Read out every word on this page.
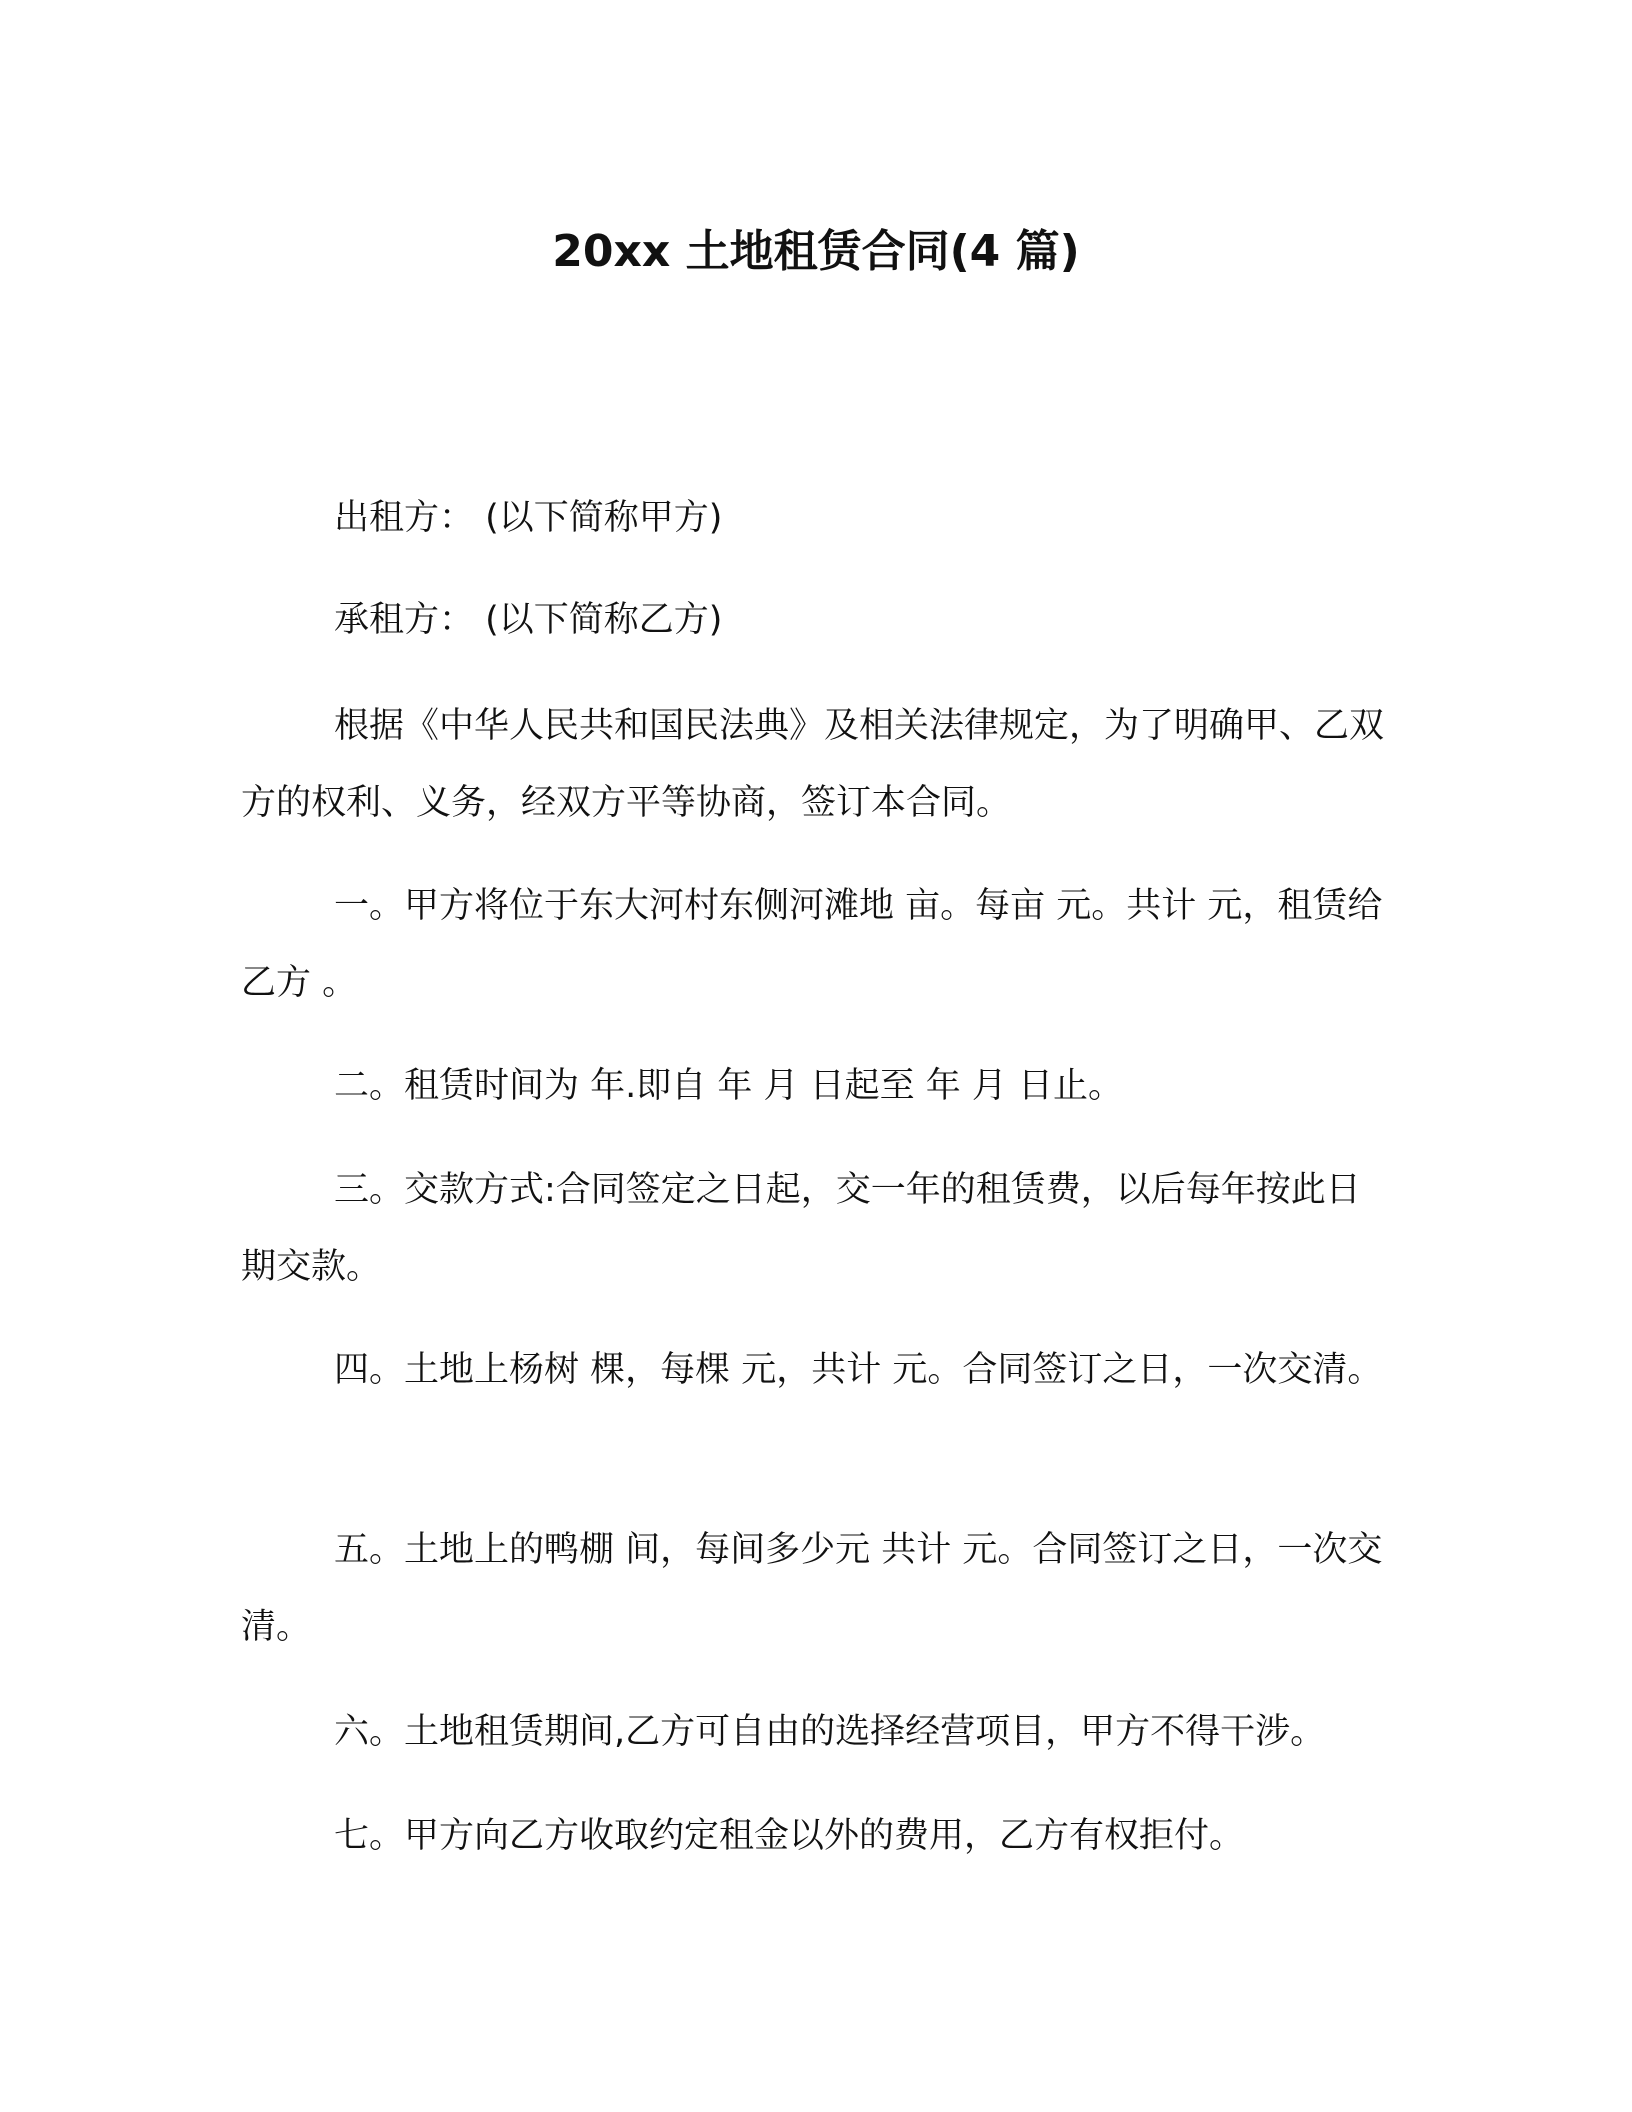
20xx 土地租赁合同(4 篇)

出租方： (以下简称甲方)

承租方： (以下简称乙方)

根据《中华人民共和国民法典》及相关法律规定，为了明确甲、乙双方的权利、义务，经双方平等协商，签订本合同。

一。甲方将位于东大河村东侧河滩地 亩。每亩 元。共计 元，租赁给乙方 。

二。租赁时间为 年.即自 年 月 日起至 年 月 日止。

三。交款方式:合同签定之日起，交一年的租赁费，以后每年按此日期交款。

四。土地上杨树 棵，每棵 元，共计 元。合同签订之日，一次交清。

五。土地上的鸭棚 间，每间多少元 共计 元。合同签订之日，一次交清。

六。土地租赁期间,乙方可自由的选择经营项目，甲方不得干涉。

七。甲方向乙方收取约定租金以外的费用，乙方有权拒付。
